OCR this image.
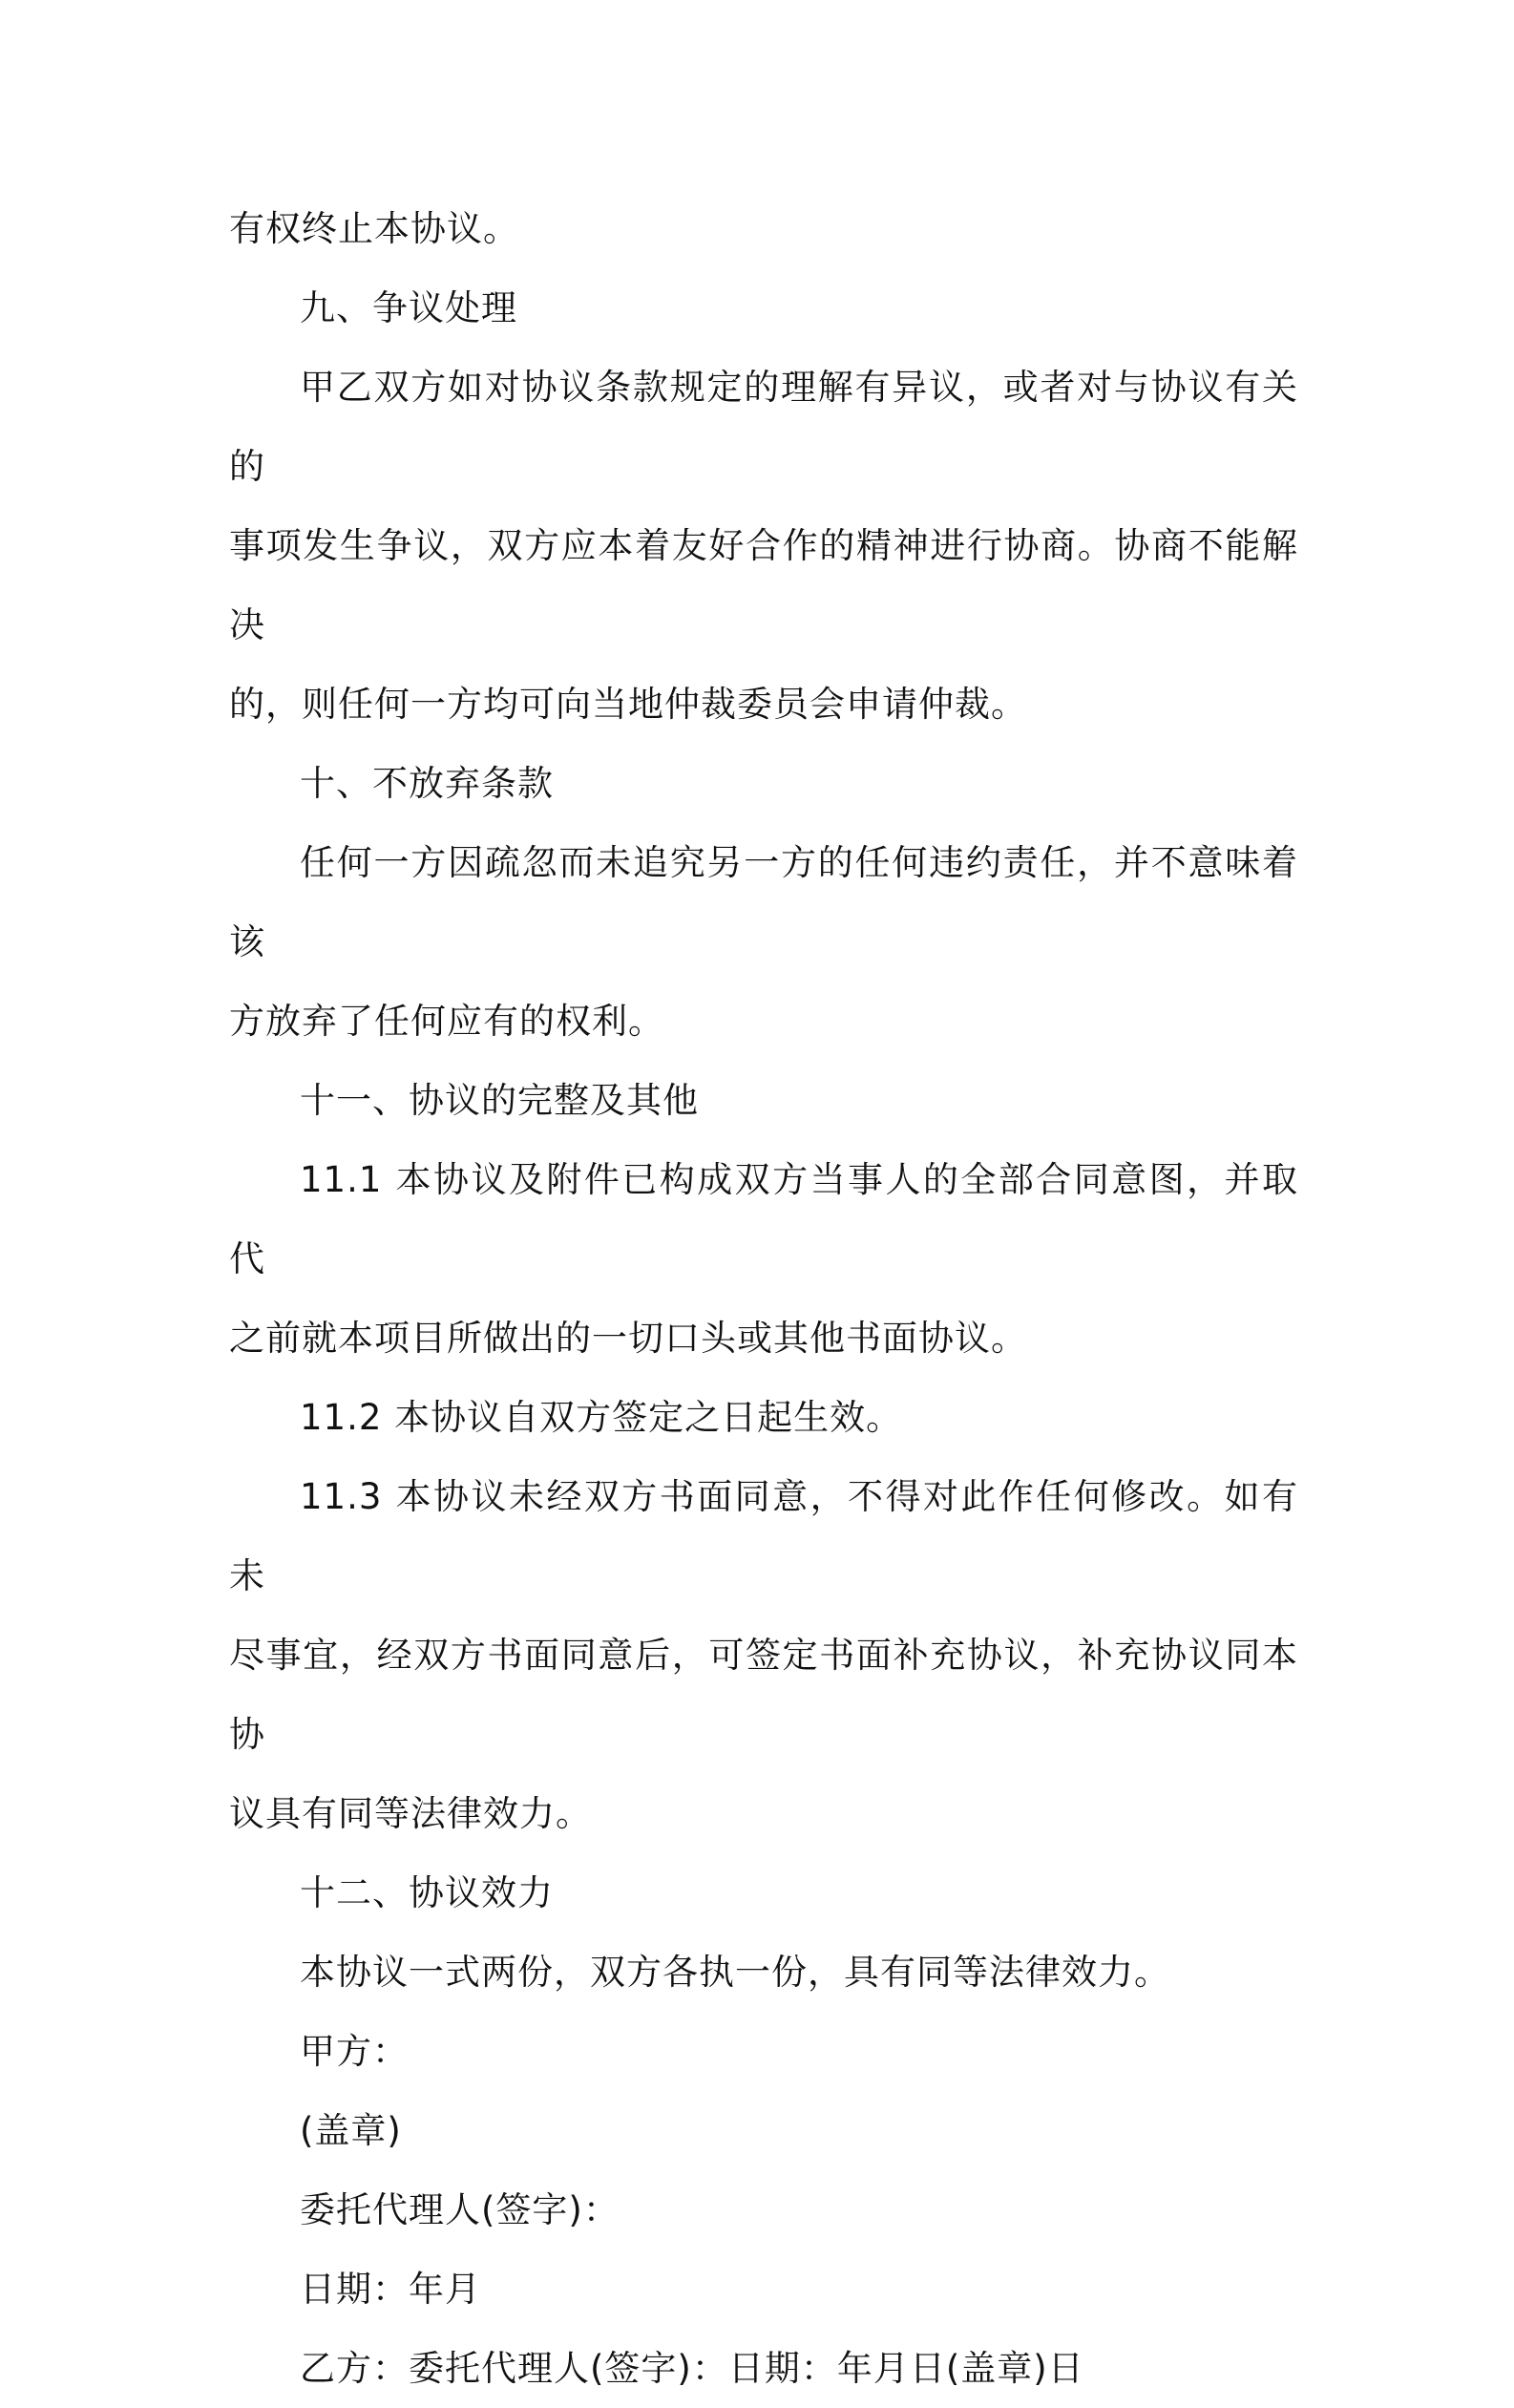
有权终止本协议。

九、争议处理

甲乙双方如对协议条款规定的理解有异议，或者对与协议有关的

事项发生争议，双方应本着友好合作的精神进行协商。协商不能解决

的，则任何一方均可向当地仲裁委员会申请仲裁。

十、不放弃条款

任何一方因疏忽而未追究另一方的任何违约责任，并不意味着该

方放弃了任何应有的权利。

十一、协议的完整及其他

11.1 本协议及附件已构成双方当事人的全部合同意图，并取代

之前就本项目所做出的一切口头或其他书面协议。

11.2 本协议自双方签定之日起生效。

11.3 本协议未经双方书面同意，不得对此作任何修改。如有未

尽事宜，经双方书面同意后，可签定书面补充协议，补充协议同本协

议具有同等法律效力。

十二、协议效力

本协议一式两份，双方各执一份，具有同等法律效力。

甲方：

(盖章)

委托代理人(签字)：

日期：年月

乙方：委托代理人(签字)：日期：年月日(盖章)日
